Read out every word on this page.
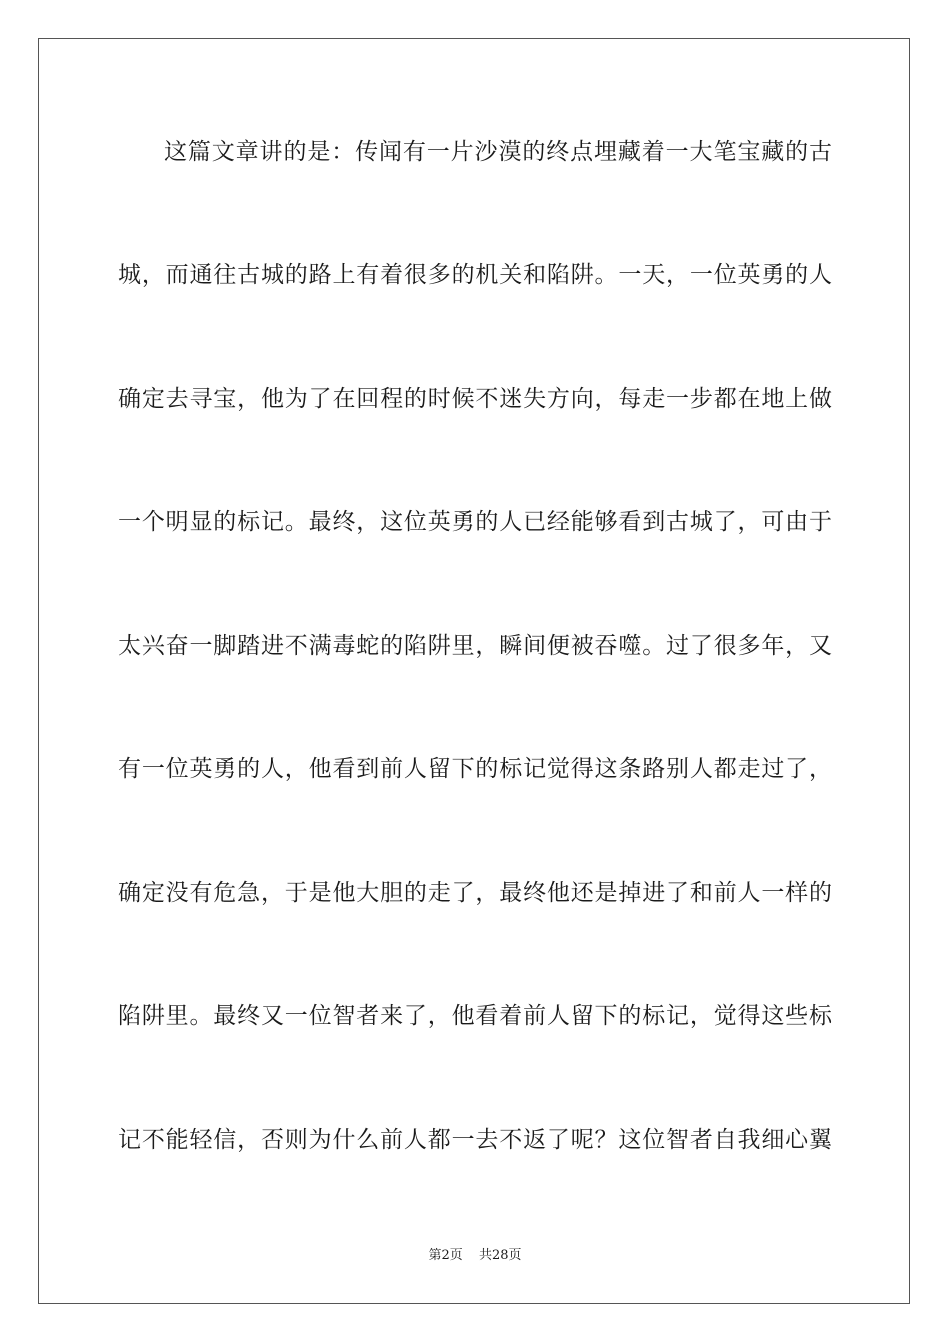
这篇文章讲的是：传闻有一片沙漠的终点埋藏着一大笔宝藏的古
城，而通往古城的路上有着很多的机关和陷阱。一天，一位英勇的人
确定去寻宝，他为了在回程的时候不迷失方向，每走一步都在地上做
一个明显的标记。最终，这位英勇的人已经能够看到古城了，可由于
太兴奋一脚踏进不满毒蛇的陷阱里，瞬间便被吞噬。过了很多年，又
有一位英勇的人，他看到前人留下的标记觉得这条路别人都走过了，
确定没有危急，于是他大胆的走了，最终他还是掉进了和前人一样的
陷阱里。最终又一位智者来了，他看着前人留下的标记，觉得这些标
记不能轻信，否则为什么前人都一去不返了呢？这位智者自我细心翼
第2页 共28页
